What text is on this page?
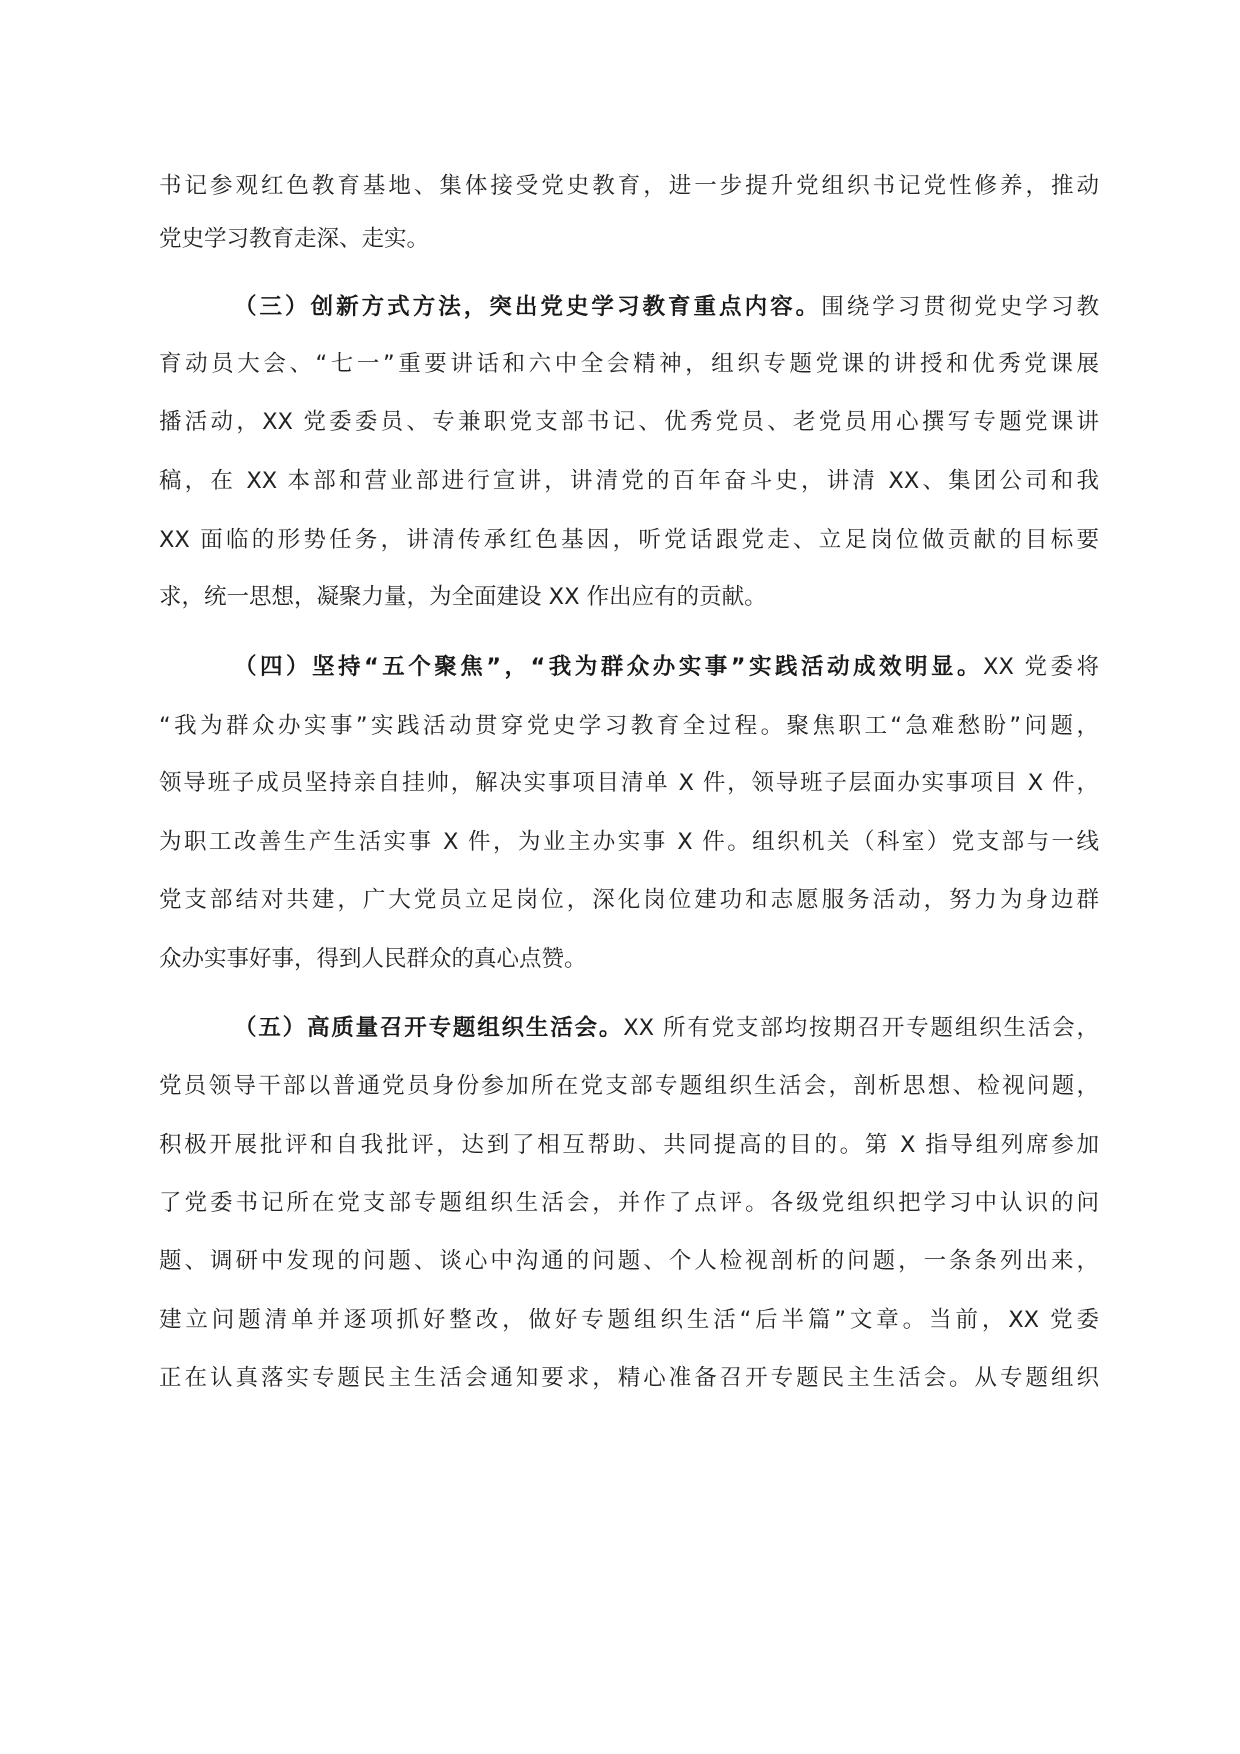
书记参观红色教育基地、集体接受党史教育，进一步提升党组织书记党性修养，推动
党史学习教育走深、走实。
（三）创新方式方法，突出党史学习教育重点内容。围绕学习贯彻党史学习教
育动员大会、“七一”重要讲话和六中全会精神，组织专题党课的讲授和优秀党课展
播活动，XX 党委委员、专兼职党支部书记、优秀党员、老党员用心撰写专题党课讲
稿，在 XX 本部和营业部进行宣讲，讲清党的百年奋斗史，讲清 XX、集团公司和我
XX 面临的形势任务，讲清传承红色基因，听党话跟党走、立足岗位做贡献的目标要
求，统一思想，凝聚力量，为全面建设 XX 作出应有的贡献。
（四）坚持“五个聚焦”，“我为群众办实事”实践活动成效明显。XX 党委将
“我为群众办实事”实践活动贯穿党史学习教育全过程。聚焦职工“急难愁盼”问题，
领导班子成员坚持亲自挂帅，解决实事项目清单 X 件，领导班子层面办实事项目 X 件，
为职工改善生产生活实事 X 件，为业主办实事 X 件。组织机关（科室）党支部与一线
党支部结对共建，广大党员立足岗位，深化岗位建功和志愿服务活动，努力为身边群
众办实事好事，得到人民群众的真心点赞。
（五）高质量召开专题组织生活会。XX 所有党支部均按期召开专题组织生活会，
党员领导干部以普通党员身份参加所在党支部专题组织生活会，剖析思想、检视问题，
积极开展批评和自我批评，达到了相互帮助、共同提高的目的。第 X 指导组列席参加
了党委书记所在党支部专题组织生活会，并作了点评。各级党组织把学习中认识的问
题、调研中发现的问题、谈心中沟通的问题、个人检视剖析的问题，一条条列出来，
建立问题清单并逐项抓好整改，做好专题组织生活“后半篇”文章。当前，XX 党委
正在认真落实专题民主生活会通知要求，精心准备召开专题民主生活会。从专题组织
